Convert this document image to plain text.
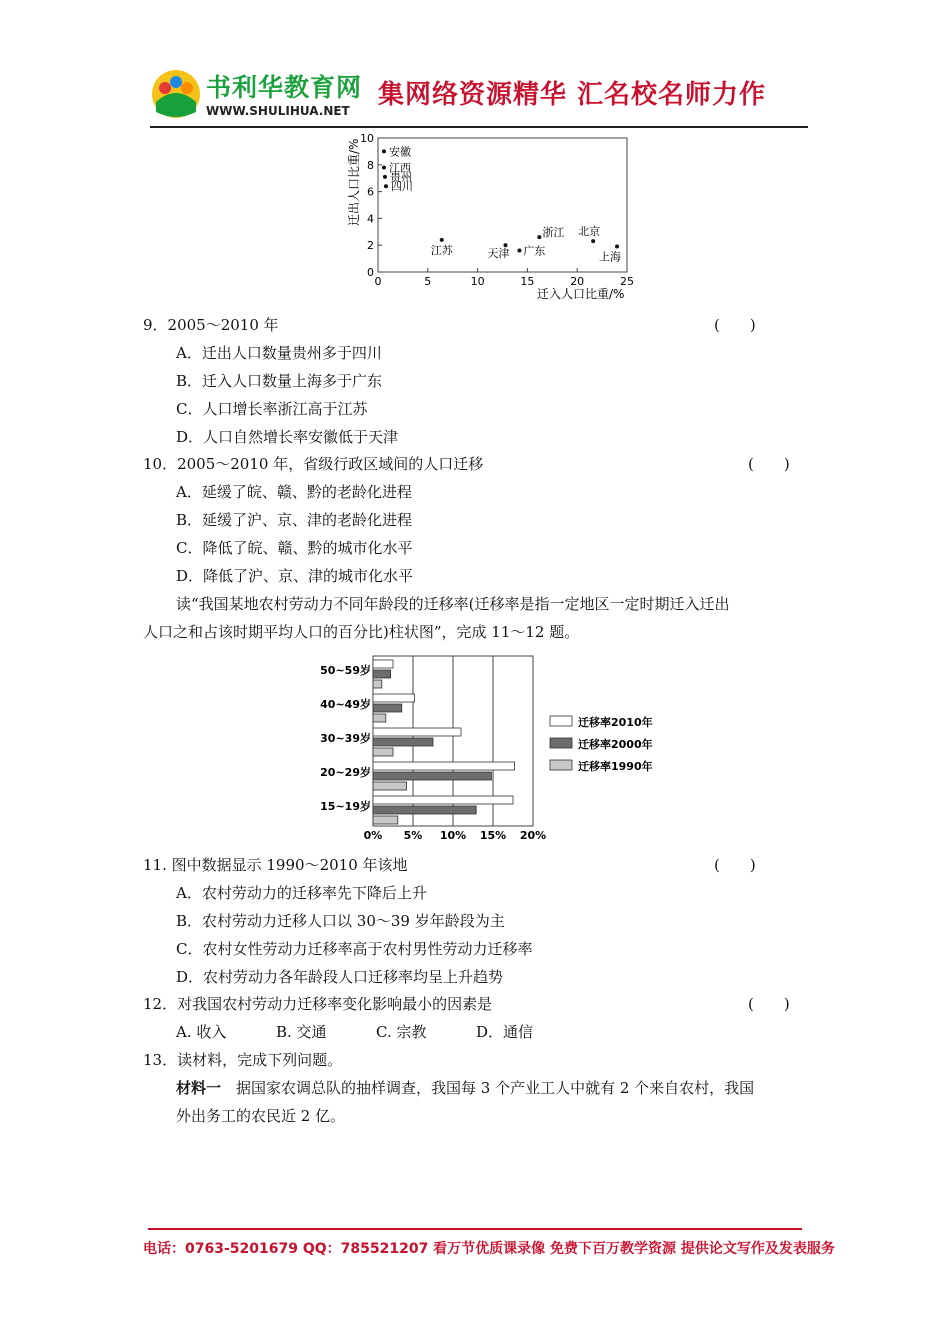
书利华教育网
WWW.SHULIHUA.NET
集网络资源精华 汇名校名师力作
0
2
4
6
8
10
0	5	10	15	20	25
安徽
江西
贵州
四川
江苏	天津 广东
浙江 北京
上海
迁出人口比重/%
迁入人口比重/%
9．2005～2010 年	(　　)
A．迁出人口数量贵州多于四川
B．迁入人口数量上海多于广东
C．人口增长率浙江高于江苏
D．人口自然增长率安徽低于天津
10．2005～2010 年，省级行政区域间的人口迁移	(　　)
A．延缓了皖、赣、黔的老龄化进程
B．延缓了沪、京、津的老龄化进程
C．降低了皖、赣、黔的城市化水平
D．降低了沪、京、津的城市化水平
读“我国某地农村劳动力不同年龄段的迁移率(迁移率是指一定地区一定时期迁入迁出
人口之和占该时期平均人口的百分比)柱状图”，完成 11～12 题。
50~59岁
40~49岁
30~39岁
20~29岁
15~19岁
0% 5% 10% 15% 20%
迁移率2010年
迁移率2000年
迁移率1990年
11. 图中数据显示 1990～2010 年该地	(　　)
A．农村劳动力的迁移率先下降后上升
B．农村劳动力迁移人口以 30～39 岁年龄段为主
C．农村女性劳动力迁移率高于农村男性劳动力迁移率
D．农村劳动力各年龄段人口迁移率均呈上升趋势
12．对我国农村劳动力迁移率变化影响最小的因素是	(　　)
A. 收入	B. 交通	C. 宗教	D．通信
13．读材料，完成下列问题。
材料一　据国家农调总队的抽样调查，我国每 3 个产业工人中就有 2 个来自农村，我国
外出务工的农民近 2 亿。
电话：0763-5201679 QQ：785521207 看万节优质课录像 免费下百万教学资源 提供论文写作及发表服务
